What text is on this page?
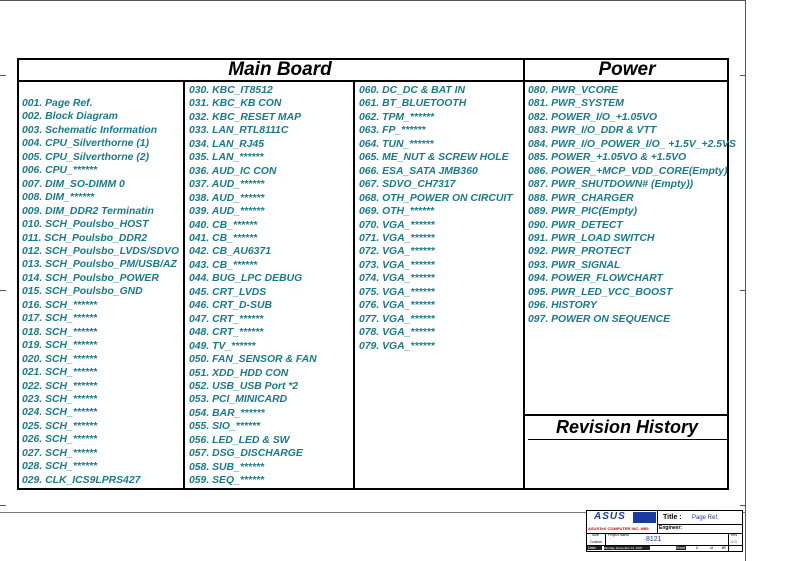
Main Board	Power
001. Page Ref.
002. Block Diagram
003. Schematic Information
004. CPU_Silverthorne (1)
005. CPU_Silverthorne (2)
006. CPU_******
007. DIM_SO-DIMM 0
008. DIM_******
009. DIM_DDR2 Terminatin
010. SCH_Poulsbo_HOST
011. SCH_Poulsbo_DDR2
012. SCH_Poulsbo_LVDS/SDVO
013. SCH_Poulsbo_PM/USB/AZ
014. SCH_Poulsbo_POWER
015. SCH_Poulsbo_GND
016. SCH_******
017. SCH_******
018. SCH_******
019. SCH_******
020. SCH_******
021. SCH_******
022. SCH_******
023. SCH_******
024. SCH_******
025. SCH_******
026. SCH_******
027. SCH_******
028. SCH_******
029. CLK_ICS9LPRS427
030. KBC_IT8512
031. KBC_KB CON
032. KBC_RESET MAP
033. LAN_RTL8111C
034. LAN_RJ45
035. LAN_******
036. AUD_IC CON
037. AUD_******
038. AUD_******
039. AUD_******
040. CB_******
041. CB_******
042. CB_AU6371
043. CB_******
044. BUG_LPC DEBUG
045. CRT_LVDS
046. CRT_D-SUB
047. CRT_******
048. CRT_******
049. TV_******
050. FAN_SENSOR & FAN
051. XDD_HDD CON
052. USB_USB Port *2
053. PCI_MINICARD
054. BAR_******
055. SIO_******
056. LED_LED & SW
057. DSG_DISCHARGE
058. SUB_******
059. SEQ_******
060. DC_DC & BAT IN
061. BT_BLUETOOTH
062. TPM_******
063. FP_******
064. TUN_******
065. ME_NUT & SCREW HOLE
066. ESA_SATA JMB360
067. SDVO_CH7317
068. OTH_POWER ON CIRCUIT
069. OTH_******
070. VGA_******
071. VGA_******
072. VGA_******
073. VGA_******
074. VGA_******
075. VGA_******
076. VGA_******
077. VGA_******
078. VGA_******
079. VGA_******
080. PWR_VCORE
081. PWR_SYSTEM
082. POWER_I/O_+1.05VO
083. PWR_I/O_DDR & VTT
084. PWR_I/O_POWER_I/O_ +1.5V_+2.5VS
085. POWER_+1.05VO & +1.5VO
086. POWER_+MCP_VDD_CORE(Empty)
087. PWR_SHUTDOWN# (Empty))
088. PWR_CHARGER
089. PWR_PIC(Empty)
090. PWR_DETECT
091. PWR_LOAD SWITCH
092. PWR_PROTECT
093. PWR_SIGNAL
094. POWER_FLOWCHART
095. PWR_LED_VCC_BOOST
096. HISTORY
097. POWER ON SEQUENCE
Revision History
ASUS
ASUSTeK COMPUTER INC. NB5
Title : Page Ref.
Engineer:
Size	Project Name
Custom	8121
Rev
2.0
Date:	Monday, December 31, 2007	Sheet	1	of	97
